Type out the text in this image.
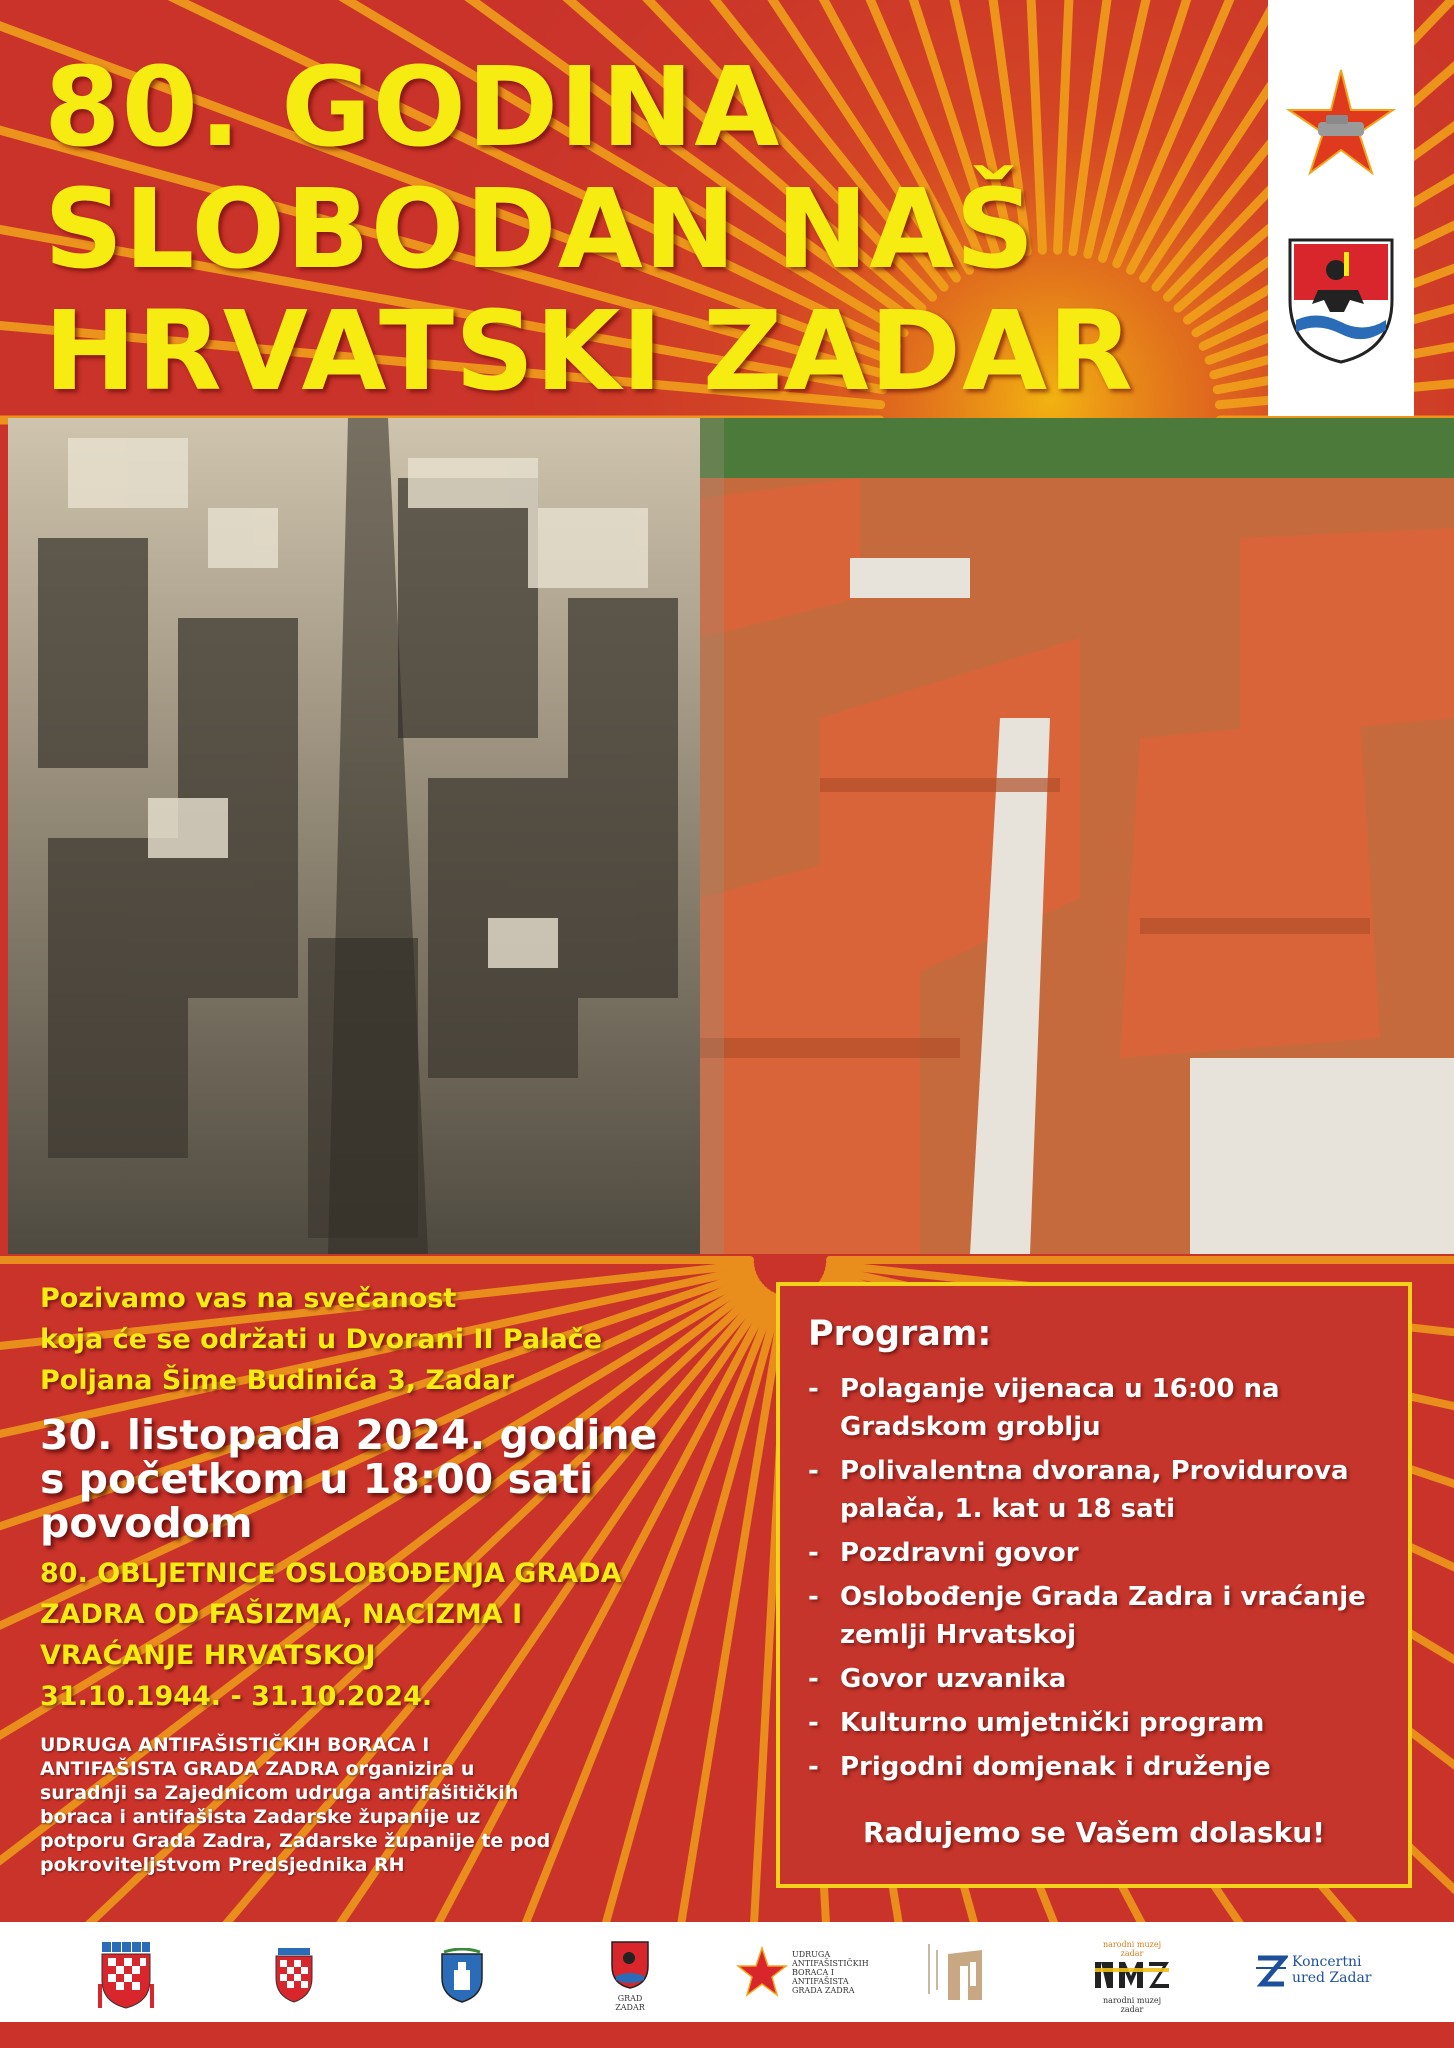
80. GODINA
SLOBODAN NAŠ
HRVATSKI ZADAR
Pozivamo vas na svečanost
koja će se održati u Dvorani II Palače
Poljana Šime Budinića 3, Zadar
30. listopada 2024. godine
s početkom u 18:00 sati
povodom
80. OBLJETNICE OSLOBOĐENJA GRADA
ZADRA OD FAŠIZMA, NACIZMA I
VRAĆANJE HRVATSKOJ
31.10.1944. - 31.10.2024.
UDRUGA ANTIFAŠISTIČKIH BORACA I
ANTIFAŠISTA GRADA ZADRA organizira u
suradnji sa Zajednicom udruga antifašitičkih
boraca i antifašista Zadarske županije uz
potporu Grada Zadra, Zadarske županije te pod
pokroviteljstvom Predsjednika RH
Program:
- Polaganje vijenaca u 16:00 na Gradskom groblju
- Polivalentna dvorana, Providurova palača, 1. kat u 18 sati
- Pozdravni govor
- Oslobođenje Grada Zadra i vraćanje zemlji Hrvatskoj
- Govor uzvanika
- Kulturno umjetnički program
- Prigodni domjenak i druženje
Radujemo se Vašem dolasku!
GRAD ZADAR
UDRUGA
ANTIFAŠISTIČKIH
BORACA I
ANTIFAŠISTA
GRADA ZADRA
narodni muzej zadar
narodni muzej zadar
Koncertni
ured Zadar
